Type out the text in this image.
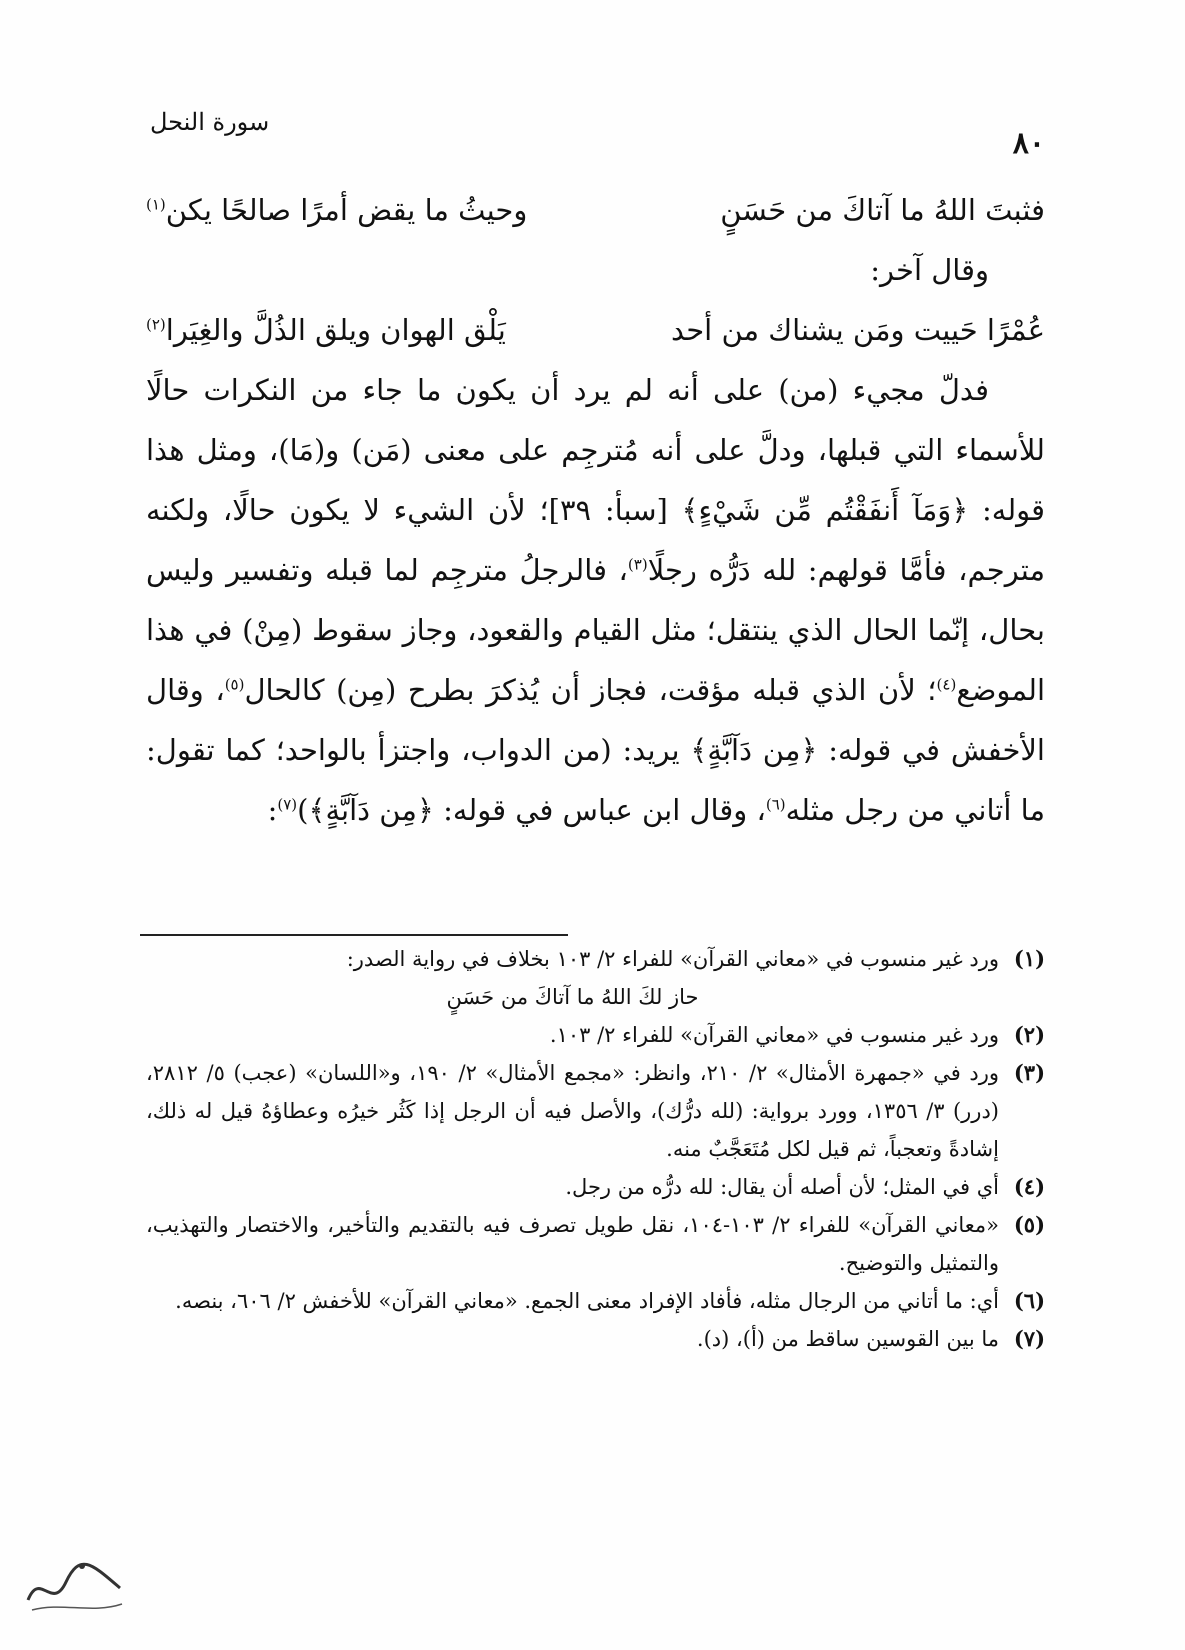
٨٠
سورة النحل

فثبتَ اللهُ ما آتاكَ من حَسَنٍ
وحيثُ ما يقض أمرًا صالحًا يكن$^{(١)}$

وقال آخر:

عُمْرًا حَييت ومَن يشناك من أحد
يَلْق الهوان ويلق الذُلَّ والغِيَرا$^{(٢)}$

فدلّ مجيء (من) على أنه لم يرد أن يكون ما جاء من النكرات حالًا للأسماء التي قبلها، ودلَّ على أنه مُترجِم على معنى (مَن) و(مَا)، ومثل هذا قوله: ﴿وَمَآ أَنفَقْتُم مِّن شَيْءٍ﴾ [سبأ: ٣٩]؛ لأن الشيء لا يكون حالًا، ولكنه مترجم، فأمَّا قولهم: لله دَرُّه رجلًا$^{(٣)}$، فالرجلُ مترجِم لما قبله وتفسير وليس بحال، إنّما الحال الذي ينتقل؛ مثل القيام والقعود، وجاز سقوط (مِنْ) في هذا الموضع$^{(٤)}$؛ لأن الذي قبله مؤقت، فجاز أن يُذكرَ بطرح (مِن) كالحال$^{(٥)}$، وقال الأخفش في قوله: ﴿مِن دَآبَّةٍ﴾ يريد: (من الدواب، واجتزأ بالواحد؛ كما تقول: ما أتاني من رجل مثله$^{(٦)}$، وقال ابن عباس في قوله: ﴿مِن دَآبَّةٍ﴾)$^{(٧)}$:

(١)
ورد غير منسوب في «معاني القرآن» للفراء ٢/ ١٠٣ بخلاف في رواية الصدر:
حاز لكَ اللهُ ما آتاكَ من حَسَنٍ
(٢)
ورد غير منسوب في «معاني القرآن» للفراء ٢/ ١٠٣.
(٣)
ورد في «جمهرة الأمثال» ٢/ ٢١٠، وانظر: «مجمع الأمثال» ٢/ ١٩٠، و«اللسان» (عجب) ٥/ ٢٨١٢، (درر) ٣/ ١٣٥٦، وورد برواية: (لله درُّك)، والأصل فيه أن الرجل إذا كَثُر خيرُه وعطاؤهُ قيل له ذلك، إشادةً وتعجباً، ثم قيل لكل مُتَعَجَّبٌ منه.
(٤)
أي في المثل؛ لأن أصله أن يقال: لله درُّه من رجل.
(٥)
«معاني القرآن» للفراء ٢/ ١٠٣-١٠٤، نقل طويل تصرف فيه بالتقديم والتأخير، والاختصار والتهذيب، والتمثيل والتوضيح.
(٦)
أي: ما أتاني من الرجال مثله، فأفاد الإفراد معنى الجمع. «معاني القرآن» للأخفش ٢/ ٦٠٦، بنصه.
(٧)
ما بين القوسين ساقط من (أ)، (د).
